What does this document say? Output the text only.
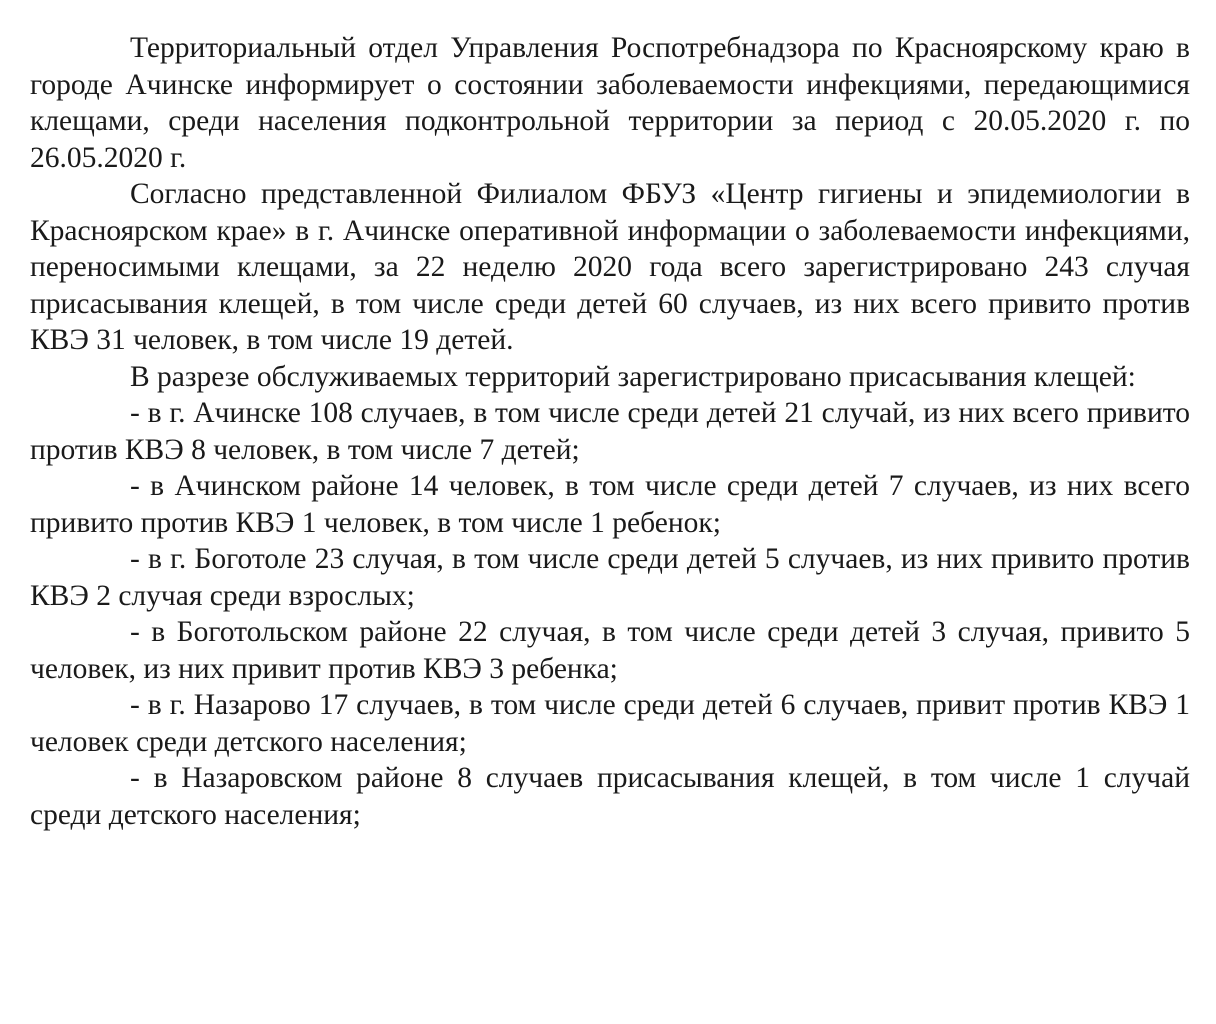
Территориальный отдел Управления Роспотребнадзора по Красноярскому краю в городе Ачинске информирует о состоянии заболеваемости инфекциями, передающимися клещами, среди населения подконтрольной территории за период с 20.05.2020 г. по 26.05.2020 г.

Согласно представленной Филиалом ФБУЗ «Центр гигиены и эпидемиологии в Красноярском крае» в г. Ачинске оперативной информации о заболеваемости инфекциями, переносимыми клещами, за 22 неделю 2020 года всего зарегистрировано 243 случая присасывания клещей, в том числе среди детей 60 случаев, из них всего привито против КВЭ 31 человек, в том числе 19 детей.

В разрезе обслуживаемых территорий зарегистрировано присасывания клещей:

- в г. Ачинске 108 случаев, в том числе среди детей 21 случай, из них всего привито против КВЭ 8 человек, в том числе 7 детей;

- в Ачинском районе 14 человек, в том числе среди детей 7 случаев, из них всего привито против КВЭ 1 человек, в том числе 1 ребенок;

- в г. Боготоле 23 случая, в том числе среди детей 5 случаев, из них привито против КВЭ 2 случая среди взрослых;

- в Боготольском районе 22 случая, в том числе среди детей 3 случая, привито 5 человек, из них привит против КВЭ 3 ребенка;

- в г. Назарово 17 случаев, в том числе среди детей 6 случаев, привит против КВЭ 1 человек среди детского населения;

- в Назаровском районе 8 случаев присасывания клещей, в том числе 1 случай среди детского населения;
